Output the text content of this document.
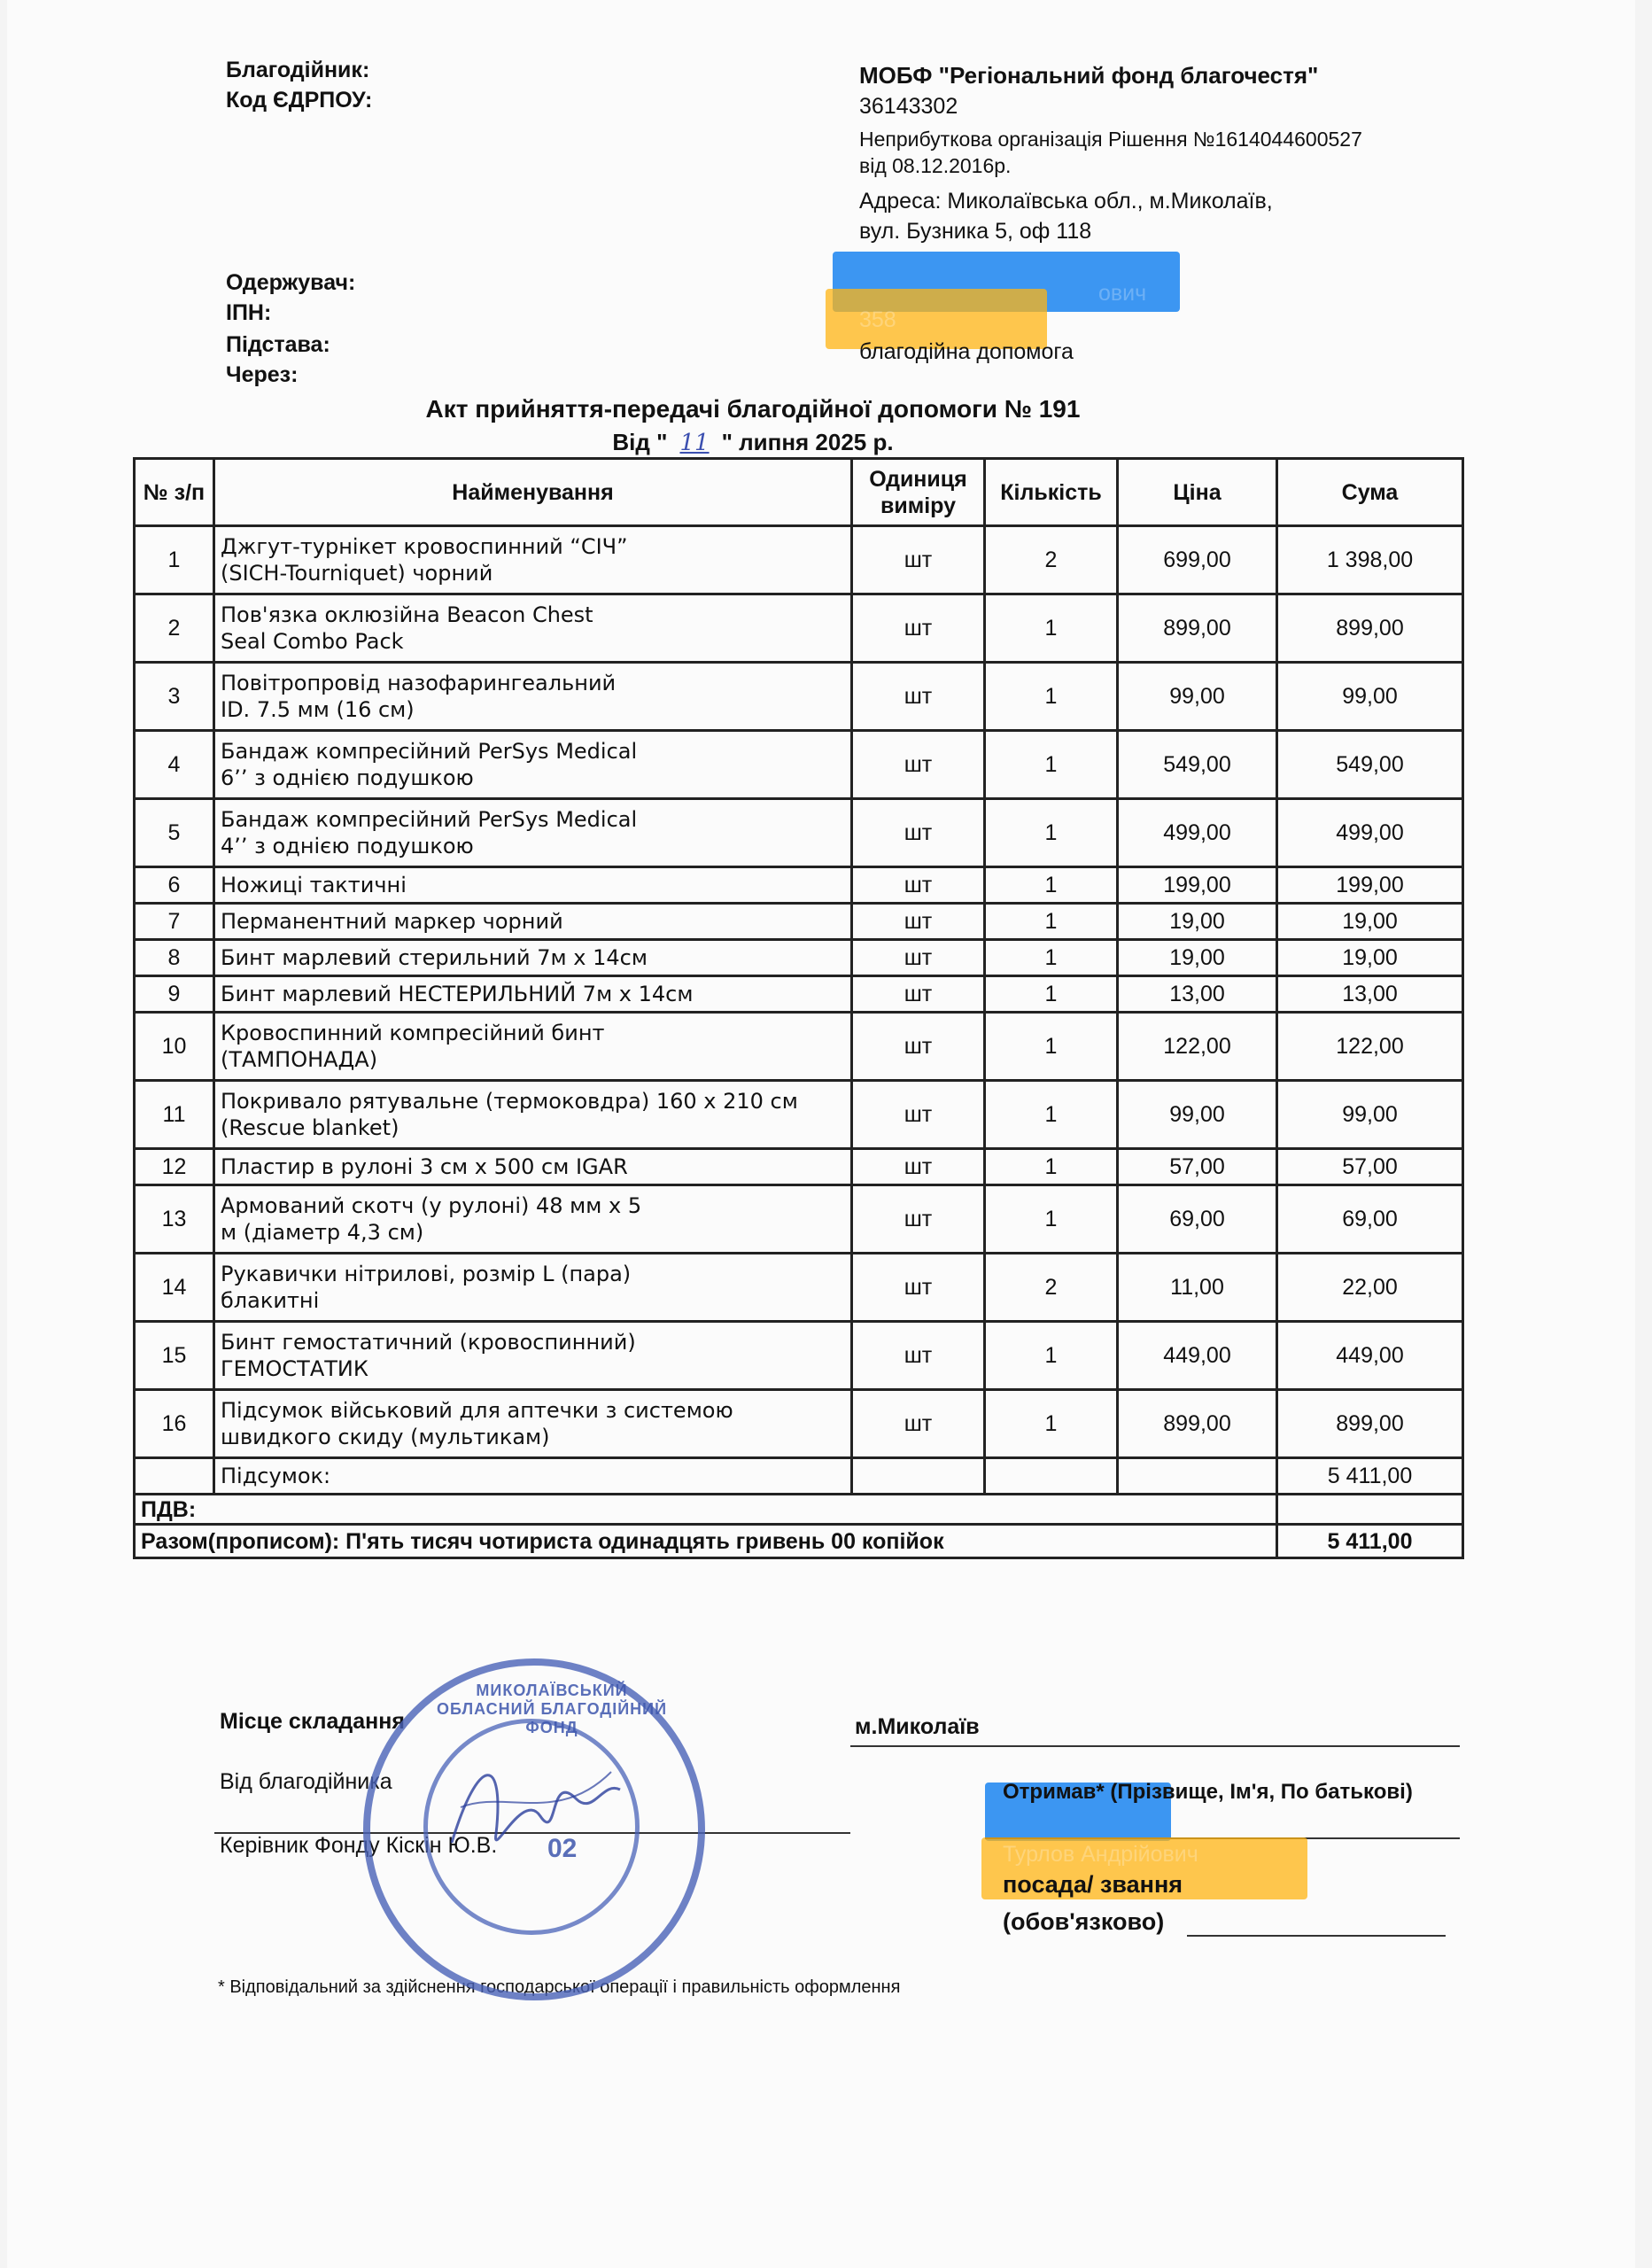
Благодійник:
Код ЄДРПОУ:
МОБФ "Регіональний фонд благочестя"
36143302
Неприбуткова організація Рішення №1614044600527
від 08.12.2016р.
Адреса: Миколаївська обл., м.Миколаїв,
вул. Бузника 5, оф 118
Одержувач:
ІПН:
Підстава:
Через:
ович
358
благодійна допомога
Акт прийняття-передачі благодійної допомоги № 191
Від " 11 " липня 2025 р.
№ з/п	Найменування	Одиниця виміру	Кількість	Ціна	Сума
1	Джгут-турнікет кровоспинний “СІЧ”
(SICH-Tourniquet) чорний	шт	2	699,00	1 398,00
2	Пов'язка оклюзійна Beacon Chest
Seal Combo Pack	шт	1	899,00	899,00
3	Повітропровід назофарингеальний
ID. 7.5 мм (16 см)	шт	1	99,00	99,00
4	Бандаж компресійний PerSys Medical
6’’ з однією подушкою	шт	1	549,00	549,00
5	Бандаж компресійний PerSys Medical
4’’ з однією подушкою	шт	1	499,00	499,00
6	Ножиці тактичні	шт	1	199,00	199,00
7	Перманентний маркер чорний	шт	1	19,00	19,00
8	Бинт марлевий стерильний 7м х 14см	шт	1	19,00	19,00
9	Бинт марлевий НЕСТЕРИЛЬНИЙ 7м х 14см	шт	1	13,00	13,00
10	Кровоспинний компресійний бинт
(ТАМПОНАДА)	шт	1	122,00	122,00
11	Покривало рятувальне (термоковдра) 160 х 210 см
(Rescue blanket)	шт	1	99,00	99,00
12	Пластир в рулоні 3 см х 500 см IGAR	шт	1	57,00	57,00
13	Армований скотч (у рулоні) 48 мм х 5
м (діаметр 4,3 см)	шт	1	69,00	69,00
14	Рукавички нітрилові, розмір L (пара)
блакитні	шт	2	11,00	22,00
15	Бинт гемостатичний (кровоспинний)
ГЕМОСТАТИК	шт	1	449,00	449,00
16	Підсумок військовий для аптечки з системою
швидкого скиду (мультикам)	шт	1	899,00	899,00
	Підсумок:				5 411,00
ПДВ:					
Разом(прописом): П'ять тисяч чотириста одинадцять гривень 00 копійок					5 411,00
Місце складання	м.Миколаїв
Від благодійника
Керівник Фонду Кіскін Ю.В.
Отримав* (Прізвище, Ім'я, По батькові)
Турлов Андрійович
посада/ звання
(обов'язково)
* Відповідальний за здійснення господарської операції і правильність оформлення
МИКОЛАЇВСЬКИЙ ОБЛАСНИЙ БЛАГОДІЙНИЙ ФОНД
02
